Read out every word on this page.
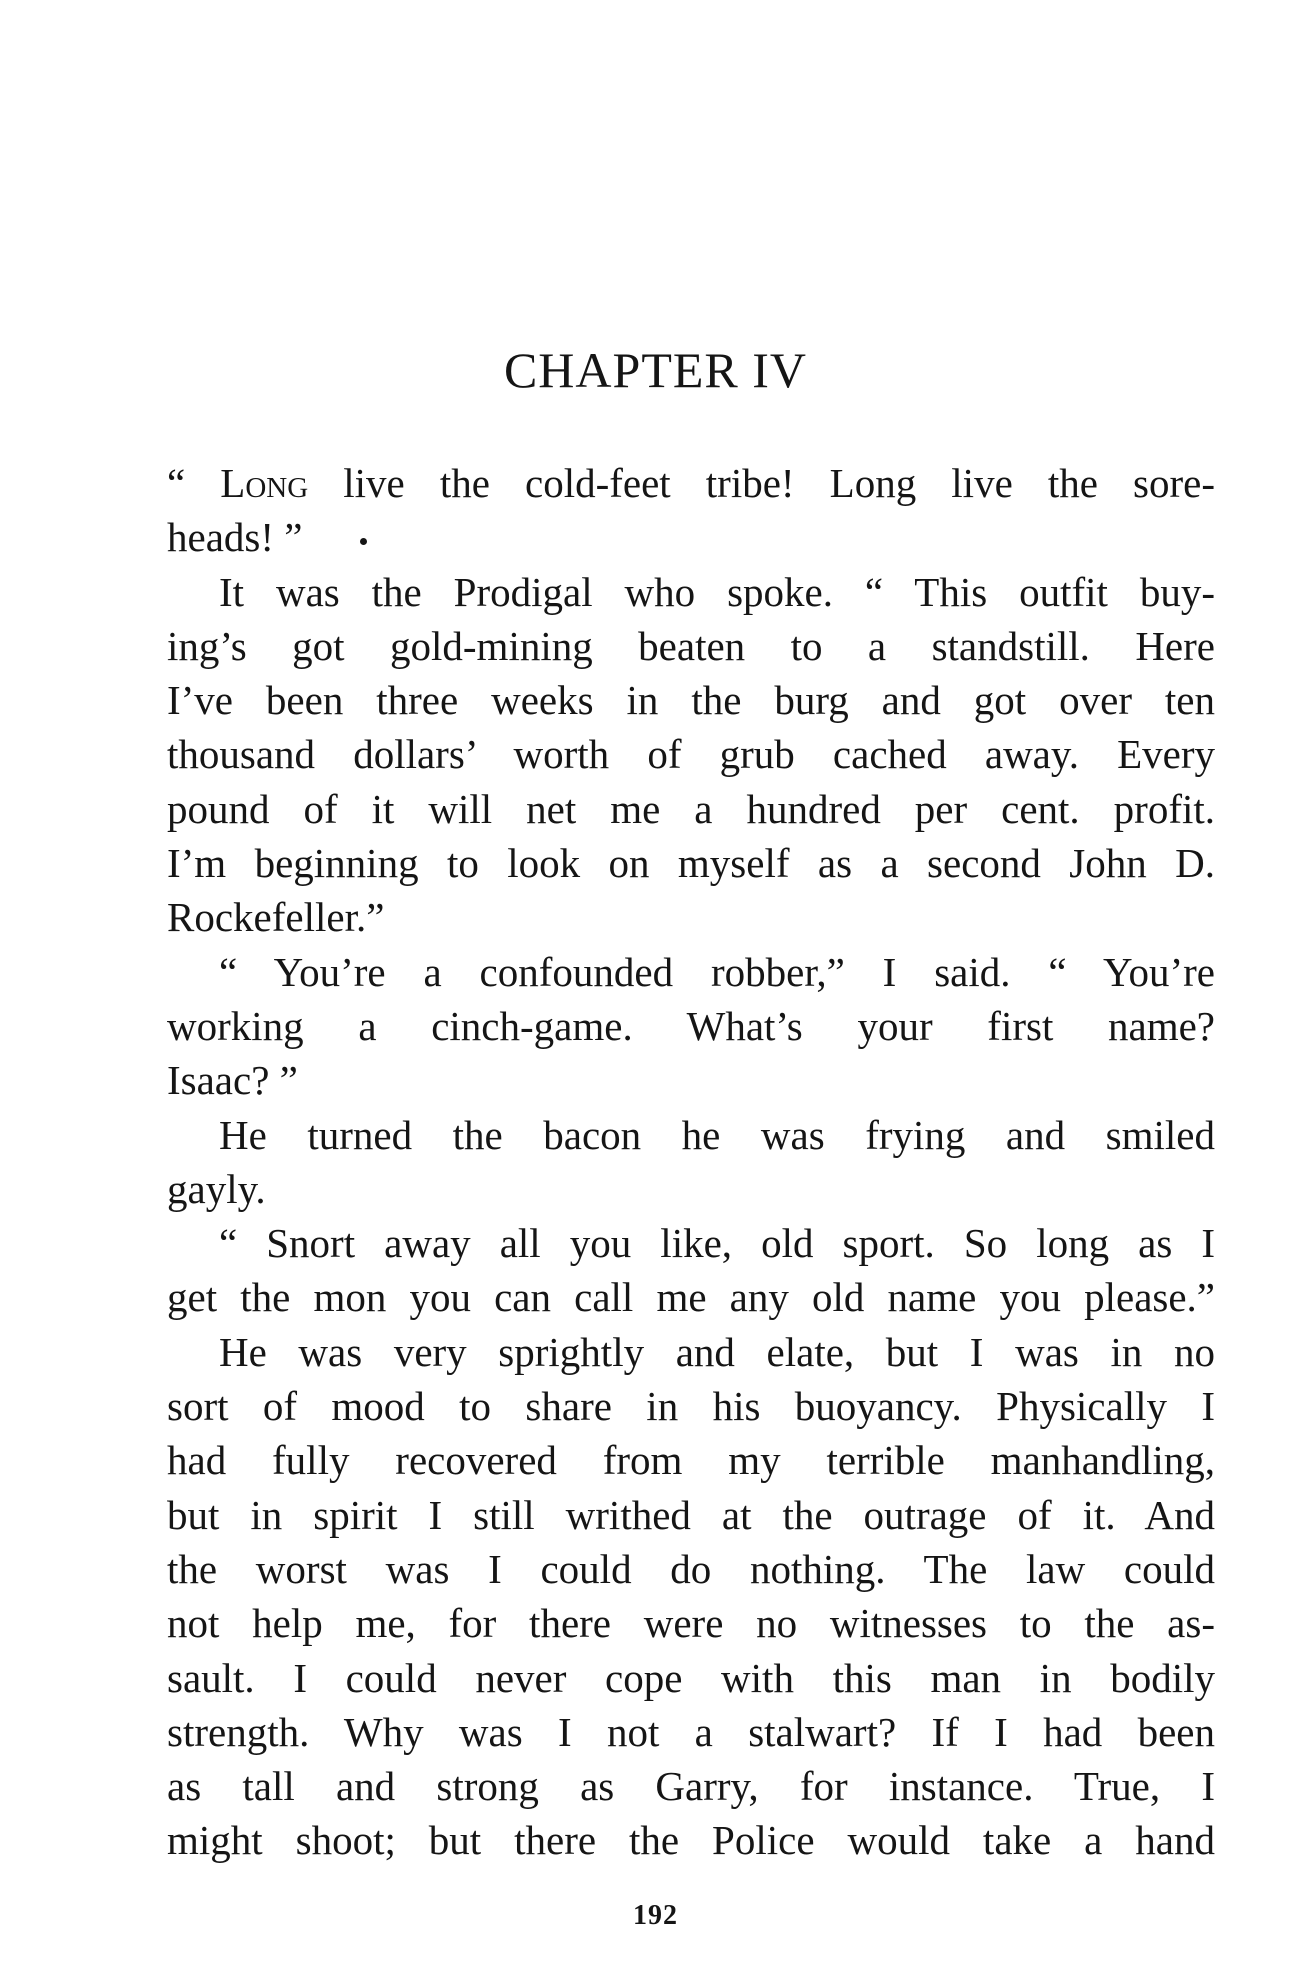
CHAPTER IV
“ Long live the cold-feet tribe! Long live the sore-
heads! ”
It was the Prodigal who spoke. “ This outfit buy-
ing’s got gold-mining beaten to a standstill. Here
I’ve been three weeks in the burg and got over ten
thousand dollars’ worth of grub cached away. Every
pound of it will net me a hundred per cent. profit.
I’m beginning to look on myself as a second John D.
Rockefeller.”
“ You’re a confounded robber,” I said. “ You’re
working a cinch-game. What’s your first name?
Isaac? ”
He turned the bacon he was frying and smiled
gayly.
“ Snort away all you like, old sport. So long as I
get the mon you can call me any old name you please.”
He was very sprightly and elate, but I was in no
sort of mood to share in his buoyancy. Physically I
had fully recovered from my terrible manhandling,
but in spirit I still writhed at the outrage of it. And
the worst was I could do nothing. The law could
not help me, for there were no witnesses to the as-
sault. I could never cope with this man in bodily
strength. Why was I not a stalwart? If I had been
as tall and strong as Garry, for instance. True, I
might shoot; but there the Police would take a hand
192
